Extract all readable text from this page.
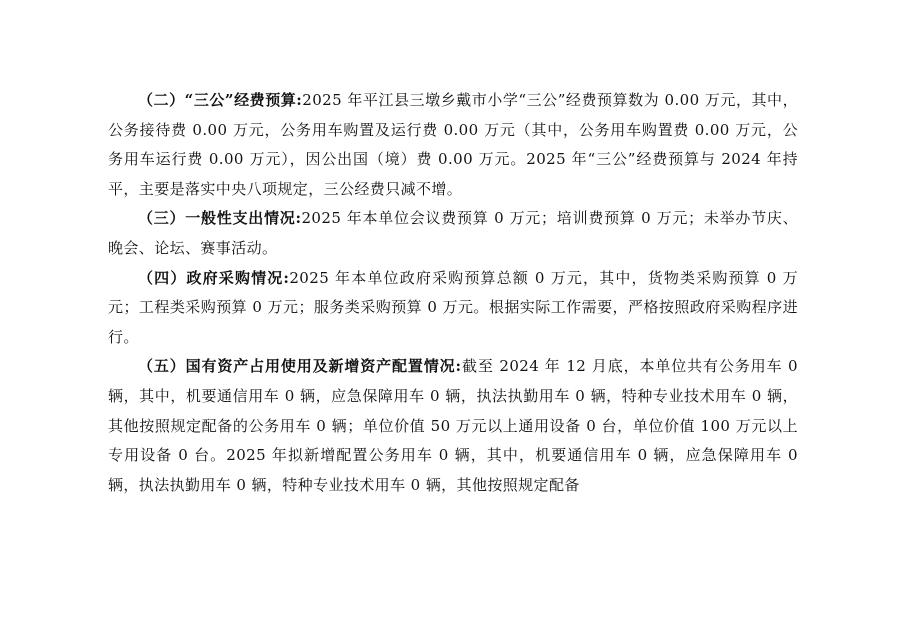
（二）“三公”经费预算:2025 年平江县三墩乡戴市小学“三公”经费预算数为 0.00 万元，其中，公务接待费 0.00 万元，公务用车购置及运行费 0.00 万元（其中，公务用车购置费 0.00 万元，公务用车运行费 0.00 万元），因公出国（境）费 0.00 万元。2025 年“三公”经费预算与 2024 年持平，主要是落实中央八项规定，三公经费只减不增。

（三）一般性支出情况:2025 年本单位会议费预算 0 万元；培训费预算 0 万元；未举办节庆、晚会、论坛、赛事活动。

（四）政府采购情况:2025 年本单位政府采购预算总额 0 万元，其中，货物类采购预算 0 万元；工程类采购预算 0 万元；服务类采购预算 0 万元。根据实际工作需要，严格按照政府采购程序进行。

（五）国有资产占用使用及新增资产配置情况:截至 2024 年 12 月底，本单位共有公务用车 0 辆，其中，机要通信用车 0 辆，应急保障用车 0 辆，执法执勤用车 0 辆，特种专业技术用车 0 辆，其他按照规定配备的公务用车 0 辆；单位价值 50 万元以上通用设备 0 台，单位价值 100 万元以上专用设备 0 台。2025 年拟新增配置公务用车 0 辆，其中，机要通信用车 0 辆，应急保障用车 0 辆，执法执勤用车 0 辆，特种专业技术用车 0 辆，其他按照规定配备
